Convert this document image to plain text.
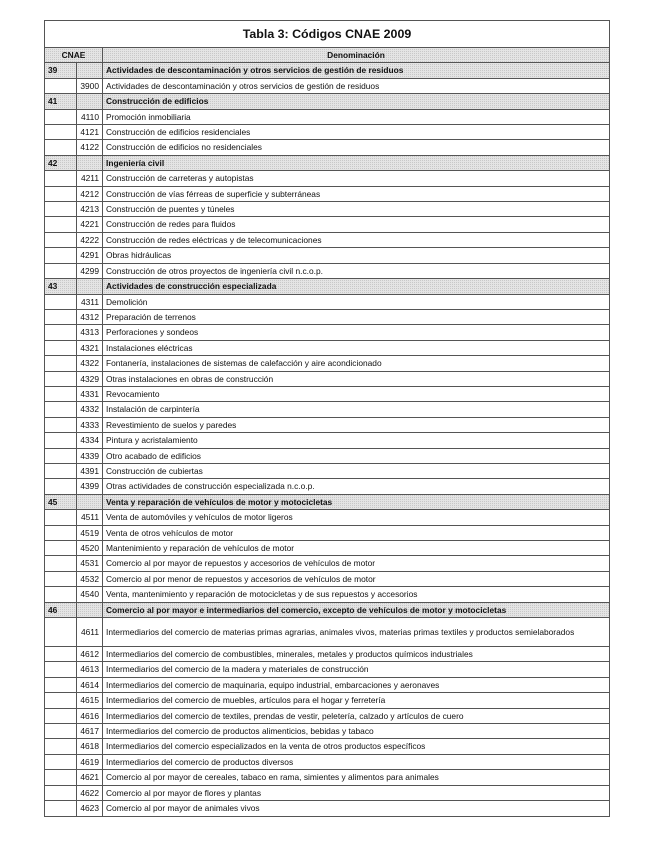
Tabla 3: Códigos CNAE 2009		
CNAE		Denominación
39		Actividades de descontaminación y otros servicios de gestión de residuos
	3900	Actividades de descontaminación y otros servicios de gestión de residuos
41		Construcción de edificios
	4110	Promoción inmobiliaria
	4121	Construcción de edificios residenciales
	4122	Construcción de edificios no residenciales
42		Ingeniería civil
	4211	Construcción de carreteras y autopistas
	4212	Construcción de vías férreas de superficie y subterráneas
	4213	Construcción de puentes y túneles
	4221	Construcción de redes para fluidos
	4222	Construcción de redes eléctricas y de telecomunicaciones
	4291	Obras hidráulicas
	4299	Construcción de otros proyectos de ingeniería civil n.c.o.p.
43		Actividades de construcción especializada
	4311	Demolición
	4312	Preparación de terrenos
	4313	Perforaciones y sondeos
	4321	Instalaciones eléctricas
	4322	Fontanería, instalaciones de sistemas de calefacción y aire acondicionado
	4329	Otras instalaciones en obras de construcción
	4331	Revocamiento
	4332	Instalación de carpintería
	4333	Revestimiento de suelos y paredes
	4334	Pintura y acristalamiento
	4339	Otro acabado de edificios
	4391	Construcción de cubiertas
	4399	Otras actividades de construcción especializada n.c.o.p.
45		Venta y reparación de vehículos de motor y motocicletas
	4511	Venta de automóviles y vehículos de motor ligeros
	4519	Venta de otros vehículos de motor
	4520	Mantenimiento y reparación de vehículos de motor
	4531	Comercio al por mayor de repuestos y accesorios de vehículos de motor
	4532	Comercio al por menor de repuestos y accesorios de vehículos de motor
	4540	Venta, mantenimiento y reparación de motocicletas y de sus repuestos y accesorios
46		Comercio al por mayor e intermediarios del comercio, excepto de vehículos de motor y motocicletas
	4611	Intermediarios del comercio de materias primas agrarias, animales vivos, materias primas textiles y productos semielaborados
	4612	Intermediarios del comercio de combustibles, minerales, metales y productos químicos industriales
	4613	Intermediarios del comercio de la madera y materiales de construcción
	4614	Intermediarios del comercio de maquinaria, equipo industrial, embarcaciones y aeronaves
	4615	Intermediarios del comercio de muebles, artículos para el hogar y ferretería
	4616	Intermediarios del comercio de textiles, prendas de vestir, peletería, calzado y artículos de cuero
	4617	Intermediarios del comercio de productos alimenticios, bebidas y tabaco
	4618	Intermediarios del comercio especializados en la venta de otros productos específicos
	4619	Intermediarios del comercio de productos diversos
	4621	Comercio al por mayor de cereales, tabaco en rama, simientes y alimentos para animales
	4622	Comercio al por mayor de flores y plantas
	4623	Comercio al por mayor de animales vivos
